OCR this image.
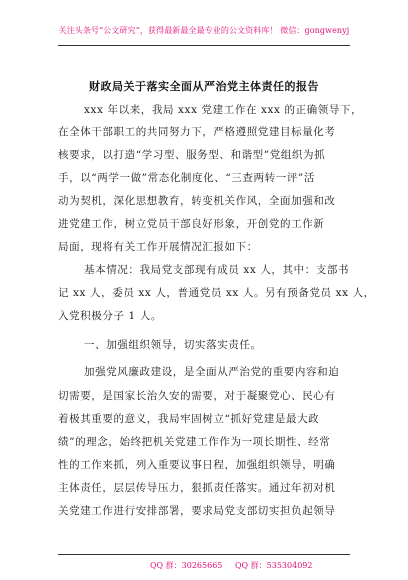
关注头条号“公文研究”，获得最新最全最专业的公文资料库！ 微信：gongwenyj
财政局关于落实全面从严治党主体责任的报告
xxx 年以来，我局 xxx 党建工作在 xxx 的正确领导下，
在全体干部职工的共同努力下，严格遵照党建目标量化考
核要求，以打造“学习型、服务型、和谐型”党组织为抓
手，以“两学一做”常态化制度化、“三查两转一评”活
动为契机，深化思想教育，转变机关作风，全面加强和改
进党建工作，树立党员干部良好形象，开创党的工作新
局面，现将有关工作开展情况汇报如下：
基本情况：我局党支部现有成员 xx 人，其中：支部书
记 xx 人，委员 xx 人，普通党员 xx 人。另有预备党员 xx 人，
入党积极分子 1 人。
一、加强组织领导，切实落实责任。
加强党风廉政建设，是全面从严治党的重要内容和迫
切需要，是国家长治久安的需要，对于凝聚党心、民心有
着极其重要的意义，我局牢固树立“抓好党建是最大政
绩”的理念，始终把机关党建工作作为一项长期性、经常
性的工作来抓，列入重要议事日程，加强组织领导，明确
主体责任，层层传导压力，狠抓责任落实。通过年初对机
关党建工作进行安排部署，要求局党支部切实担负起领导
QQ 群：30265665 QQ 群：535304092
